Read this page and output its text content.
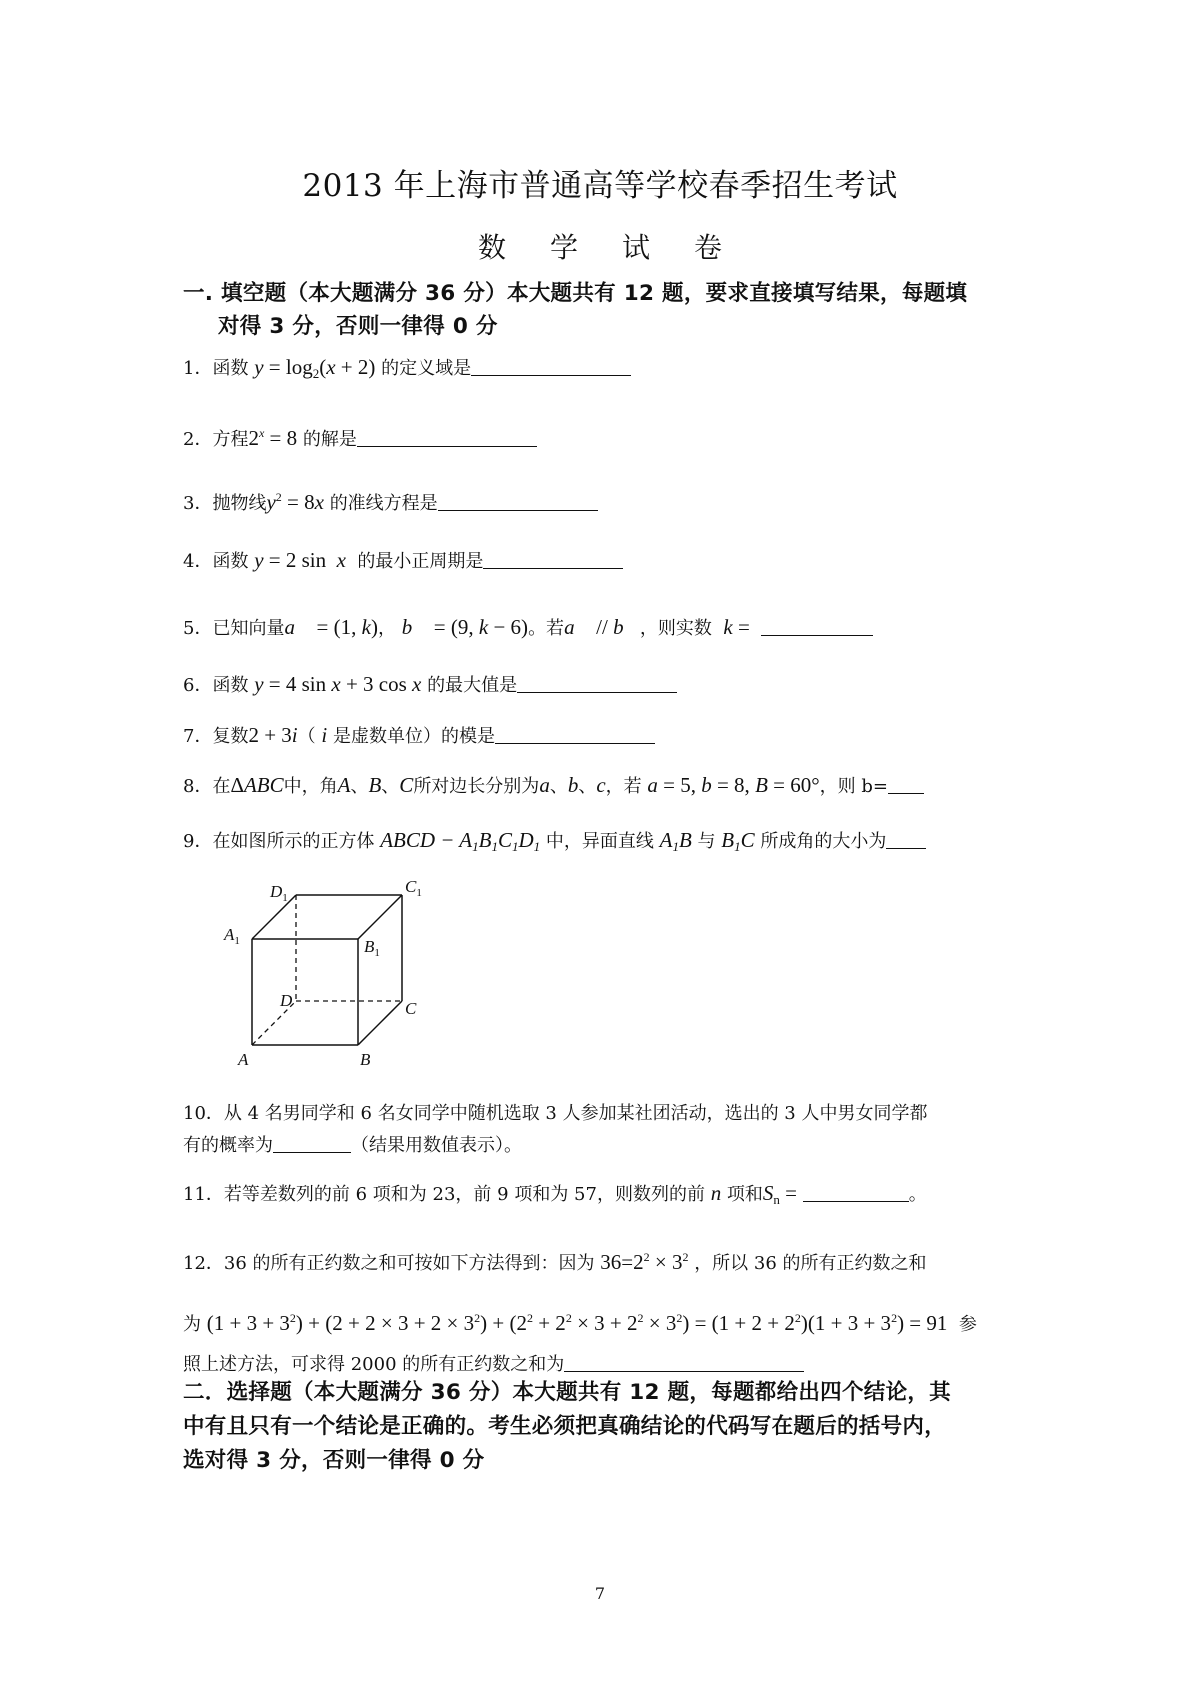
2013 年上海市普通高等学校春季招生考试
数 学 试 卷
一. 填空题（本大题满分 36 分）本大题共有 12 题，要求直接填写结果，每题填
对得 3 分，否则一律得 0 分
1．函数 $y = \log_2(x + 2)$ 的定义域是
2．方程$2^x = 8$ 的解是
3．抛物线$y^2 = 8x$ 的准线方程是
4．函数 y = 2 sin  x 的最小正周期是
5．已知向量a⃗ = (1, k)， b⃗ = (9, k − 6)。若a⃗ // b⃗，则实数 k =
6．函数 y = 4 sin x + 3 cos x 的最大值是
7．复数2 + 3i（ i 是虚数单位）的模是
8．在ΔABC中，角A、B、C所对边长分别为a、b、c，若 a = 5, b = 8, B = 60°，则 b=
9．在如图所示的正方体 ABCD − $A_1B_1C_1D_1$ 中，异面直线 $A_1B$ 与 $B_1C$ 所成角的大小为
$D_1$
$C_1$
$A_1$	$B_1$
D	C
A	B
10．从 4 名男同学和 6 名女同学中随机选取 3 人参加某社团活动，选出的 3 人中男女同学都
有的概率为	（结果用数值表示）。
11．若等差数列的前 6 项和为 23，前 9 项和为 57，则数列的前 n 项和$S_n$ =	。
12．36 的所有正约数之和可按如下方法得到：因为 $36=2^2 \times 3^2$ ，所以 36 的所有正约数之和
为 $(1 + 3 + 3^2) + (2 + 2 \times 3 + 2 \times 3^2) + (2^2 + 2^2 \times 3 + 2^2 \times 3^2) = (1 + 2 + 2^2)(1 + 3 + 3^2) = 91$ 参
照上述方法，可求得 2000 的所有正约数之和为
二．选择题（本大题满分 36 分）本大题共有 12 题，每题都给出四个结论，其
中有且只有一个结论是正确的。考生必须把真确结论的代码写在题后的括号内，
选对得 3 分，否则一律得 0 分
7
